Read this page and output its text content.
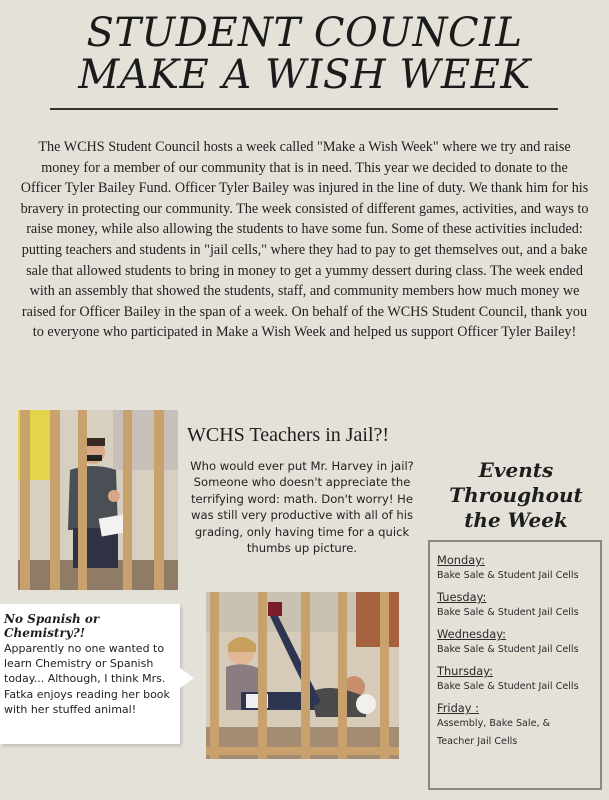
STUDENT COUNCIL
MAKE A WISH WEEK

The WCHS Student Council hosts a week called "Make a Wish Week" where we try and raise money for a member of our community that is in need. This year we decided to donate to the Officer Tyler Bailey Fund. Officer Tyler Bailey was injured in the line of duty. We thank him for his bravery in protecting our community. The week consisted of different games, activities, and ways to raise money, while also allowing the students to have some fun. Some of these activities included: putting teachers and students in "jail cells," where they had to pay to get themselves out, and a bake sale that allowed students to bring in money to get a yummy dessert during class. The week ended with an assembly that showed the students, staff, and community members how much money we raised for Officer Bailey in the span of a week. On behalf of the WCHS Student Council, thank you to everyone who participated in Make a Wish Week and helped us support Officer Tyler Bailey!

WCHS Teachers in Jail?!
Who would ever put Mr. Harvey in jail? Someone who doesn't appreciate the terrifying word: math. Don't worry! He was still very productive with all of his grading, only having time for a quick thumbs up picture.
No Spanish or Chemistry?!
Apparently no one wanted to learn Chemistry or Spanish today... Although, I think Mrs. Fatka enjoys reading her book with her stuffed animal!
Events
Throughout
the Week
Monday:
Bake Sale & Student Jail Cells
Tuesday:
Bake Sale & Student Jail Cells
Wednesday:
Bake Sale & Student Jail Cells
Thursday:
Bake Sale & Student Jail Cells
Friday :
Assembly, Bake Sale, &
Teacher Jail Cells
